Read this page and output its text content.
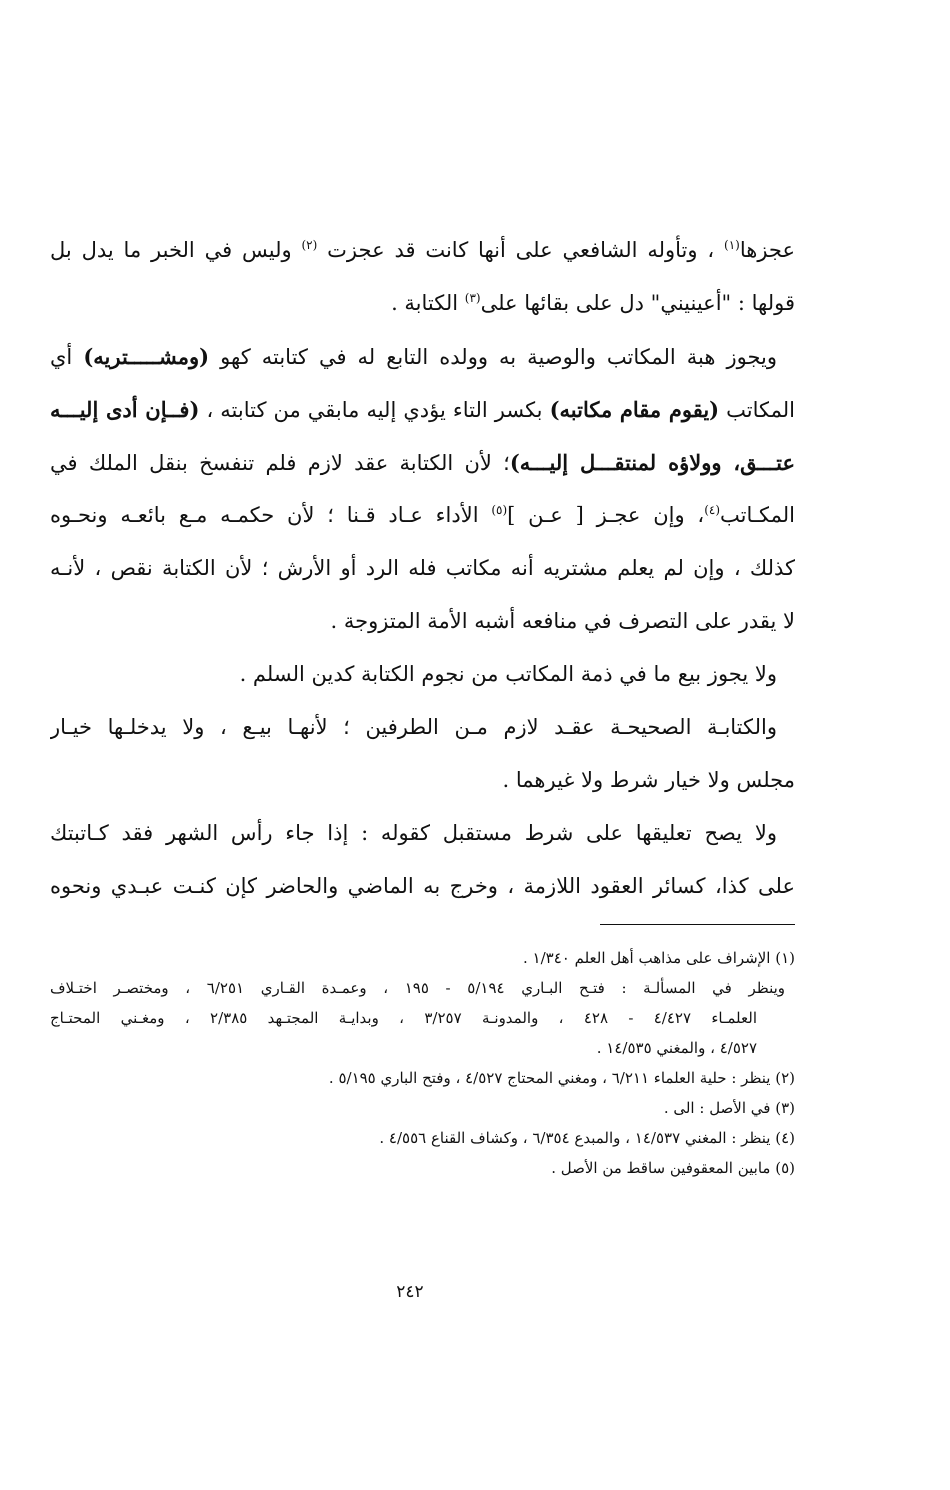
عجزها$^{(١)}$ ، وتأوله الشافعي على أنها كانت قد عجزت $^{(٢)}$ وليس في الخبر ما يدل بل
قولها : "أعينيني" دل على بقائها على$^{(٣)}$ الكتابة .
ويجوز هبة المكاتب والوصية به وولده التابع له في كتابته كهو (ومشـــــتريه) أي
المكاتب (يقوم مقام مكاتبه) بكسر التاء يؤدي إليه مابقي من كتابته ، (فــإن أدى إليـــه
عتـــق، وولاؤه لمنتقـــل إليـــه)؛ لأن الكتابة عقد لازم فلم تنفسخ بنقل الملك في
المكـاتب$^{(٤)}$، وإن عجـز [ عـن ]$^{(٥)}$ الأداء عـاد قـنا ؛ لأن حكمـه مـع بائعـه ونحـوه
كذلك ، وإن لم يعلم مشتريه أنه مكاتب فله الرد أو الأرش ؛ لأن الكتابة نقص ، لأنـه
لا يقدر على التصرف في منافعه أشبه الأمة المتزوجة .
ولا يجوز بيع ما في ذمة المكاتب من نجوم الكتابة كدين السلم .
والكتابـة الصحيحـة عقـد لازم مـن الطرفين ؛ لأنهـا بيـع ، ولا يدخلـها خيـار
مجلس ولا خيار شرط ولا غيرهما .
ولا يصح تعليقها على شرط مستقبل كقوله : إذا جاء رأس الشهر فقد كـاتبتك
على كذا، كسائر العقود اللازمة ، وخرج به الماضي والحاضر كإن كنـت عبـدي ونحوه
(١) الإشراف على مذاهب أهل العلم ١/٣٤٠ .
وينظر في المسألـة : فتـح البـاري ٥/١٩٤ - ١٩٥ ، وعمـدة القـاري ٦/٢٥١ ، ومختصـر اختـلاف
العلمـاء ٤/٤٢٧ - ٤٢٨ ، والمدونـة ٣/٢٥٧ ، وبدايـة المجتـهد ٢/٣٨٥ ، ومغـني المحتـاج
٤/٥٢٧ ، والمغني ١٤/٥٣٥ .
(٢) ينظر : حلية العلماء ٦/٢١١ ، ومغني المحتاج ٤/٥٢٧ ، وفتح الباري ٥/١٩٥ .
(٣) في الأصل : الى .
(٤) ينظر : المغني ١٤/٥٣٧ ، والمبدع ٦/٣٥٤ ، وكشاف القناع ٤/٥٥٦ .
(٥) مابين المعقوفين ساقط من الأصل .
٢٤٢
